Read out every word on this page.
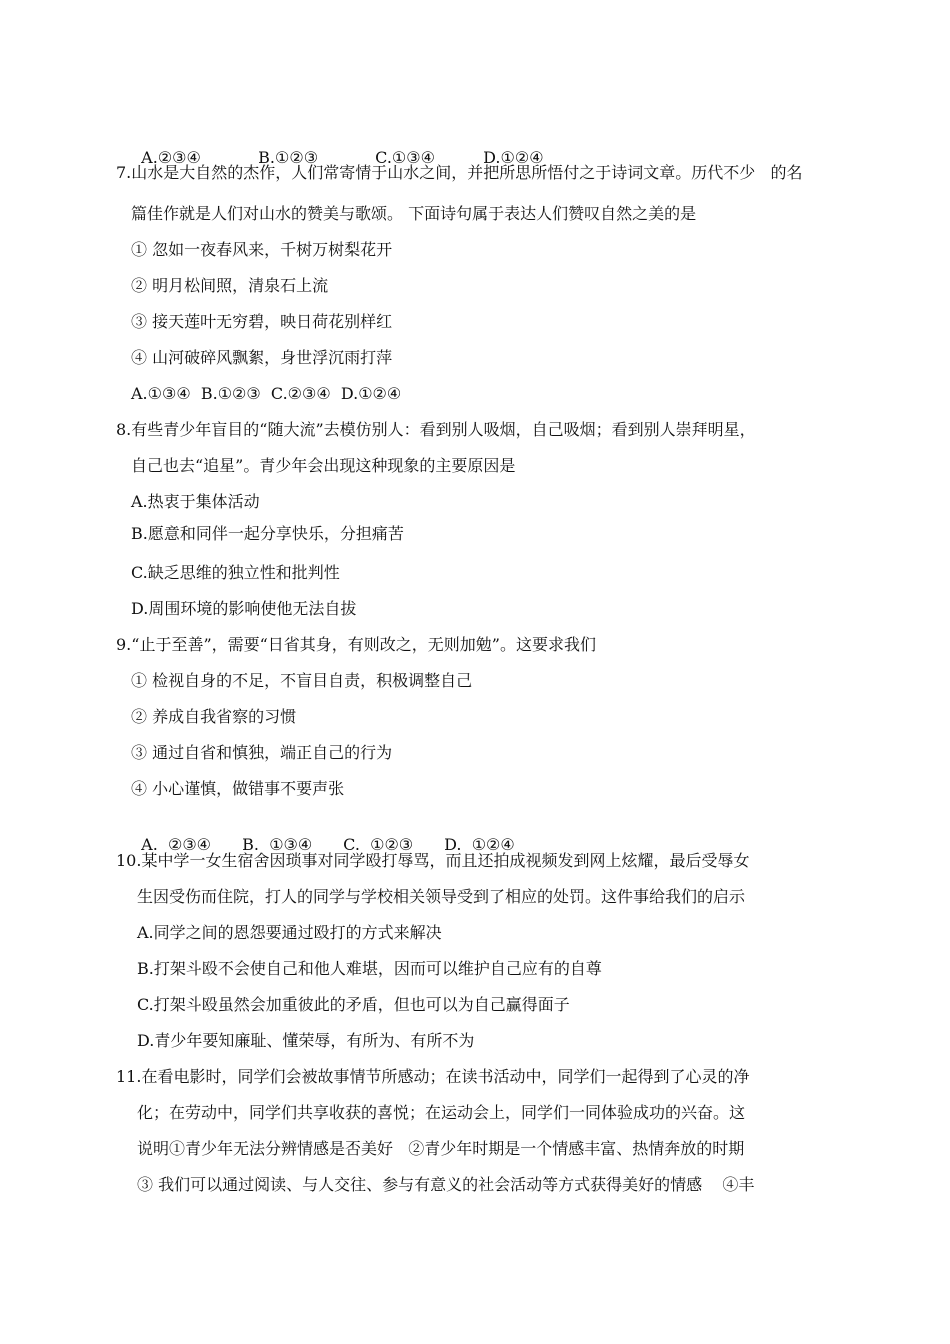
A.②③④	B.①②③	C.①③④	D.①②④

7.山水是大自然的杰作，人们常寄情于山水之间，并把所思所悟付之于诗词文章。历代不少   的名
篇佳作就是人们对山水的赞美与歌颂。 下面诗句属于表达人们赞叹自然之美的是
① 忽如一夜春风来，千树万树梨花开
② 明月松间照，清泉石上流
③ 接天莲叶无穷碧，映日荷花别样红
④ 山河破碎风飘絮，身世浮沉雨打萍
A.①③④  B.①②③  C.②③④  D.①②④
8.有些青少年盲目的“随大流”去模仿别人：看到别人吸烟，自己吸烟；看到别人崇拜明星，
自己也去“追星”。青少年会出现这种现象的主要原因是
A.热衷于集体活动
B.愿意和同伴一起分享快乐，分担痛苦
C.缺乏思维的独立性和批判性
D.周围环境的影响使他无法自拔
9.“止于至善”，需要“日省其身，有则改之，无则加勉”。这要求我们
① 检视自身的不足，不盲目自责，积极调整自己
② 养成自我省察的习惯
③ 通过自省和慎独，端正自己的行为
④ 小心谨慎，做错事不要声张

A.  ②③④ B.  ①③④ C.  ①②③ D.  ①②④

10.某中学一女生宿舍因琐事对同学殴打辱骂，而且还拍成视频发到网上炫耀，最后受辱女
生因受伤而住院，打人的同学与学校相关领导受到了相应的处罚。这件事给我们的启示
A.同学之间的恩怨要通过殴打的方式来解决
B.打架斗殴不会使自己和他人难堪，因而可以维护自己应有的自尊
C.打架斗殴虽然会加重彼此的矛盾，但也可以为自己赢得面子
D.青少年要知廉耻、懂荣辱，有所为、有所不为
11.在看电影时，同学们会被故事情节所感动；在读书活动中，同学们一起得到了心灵的净
化；在劳动中，同学们共享收获的喜悦；在运动会上，同学们一同体验成功的兴奋。这
说明①青少年无法分辨情感是否美好   ②青少年时期是一个情感丰富、热情奔放的时期
③ 我们可以通过阅读、与人交往、参与有意义的社会活动等方式获得美好的情感    ④丰
